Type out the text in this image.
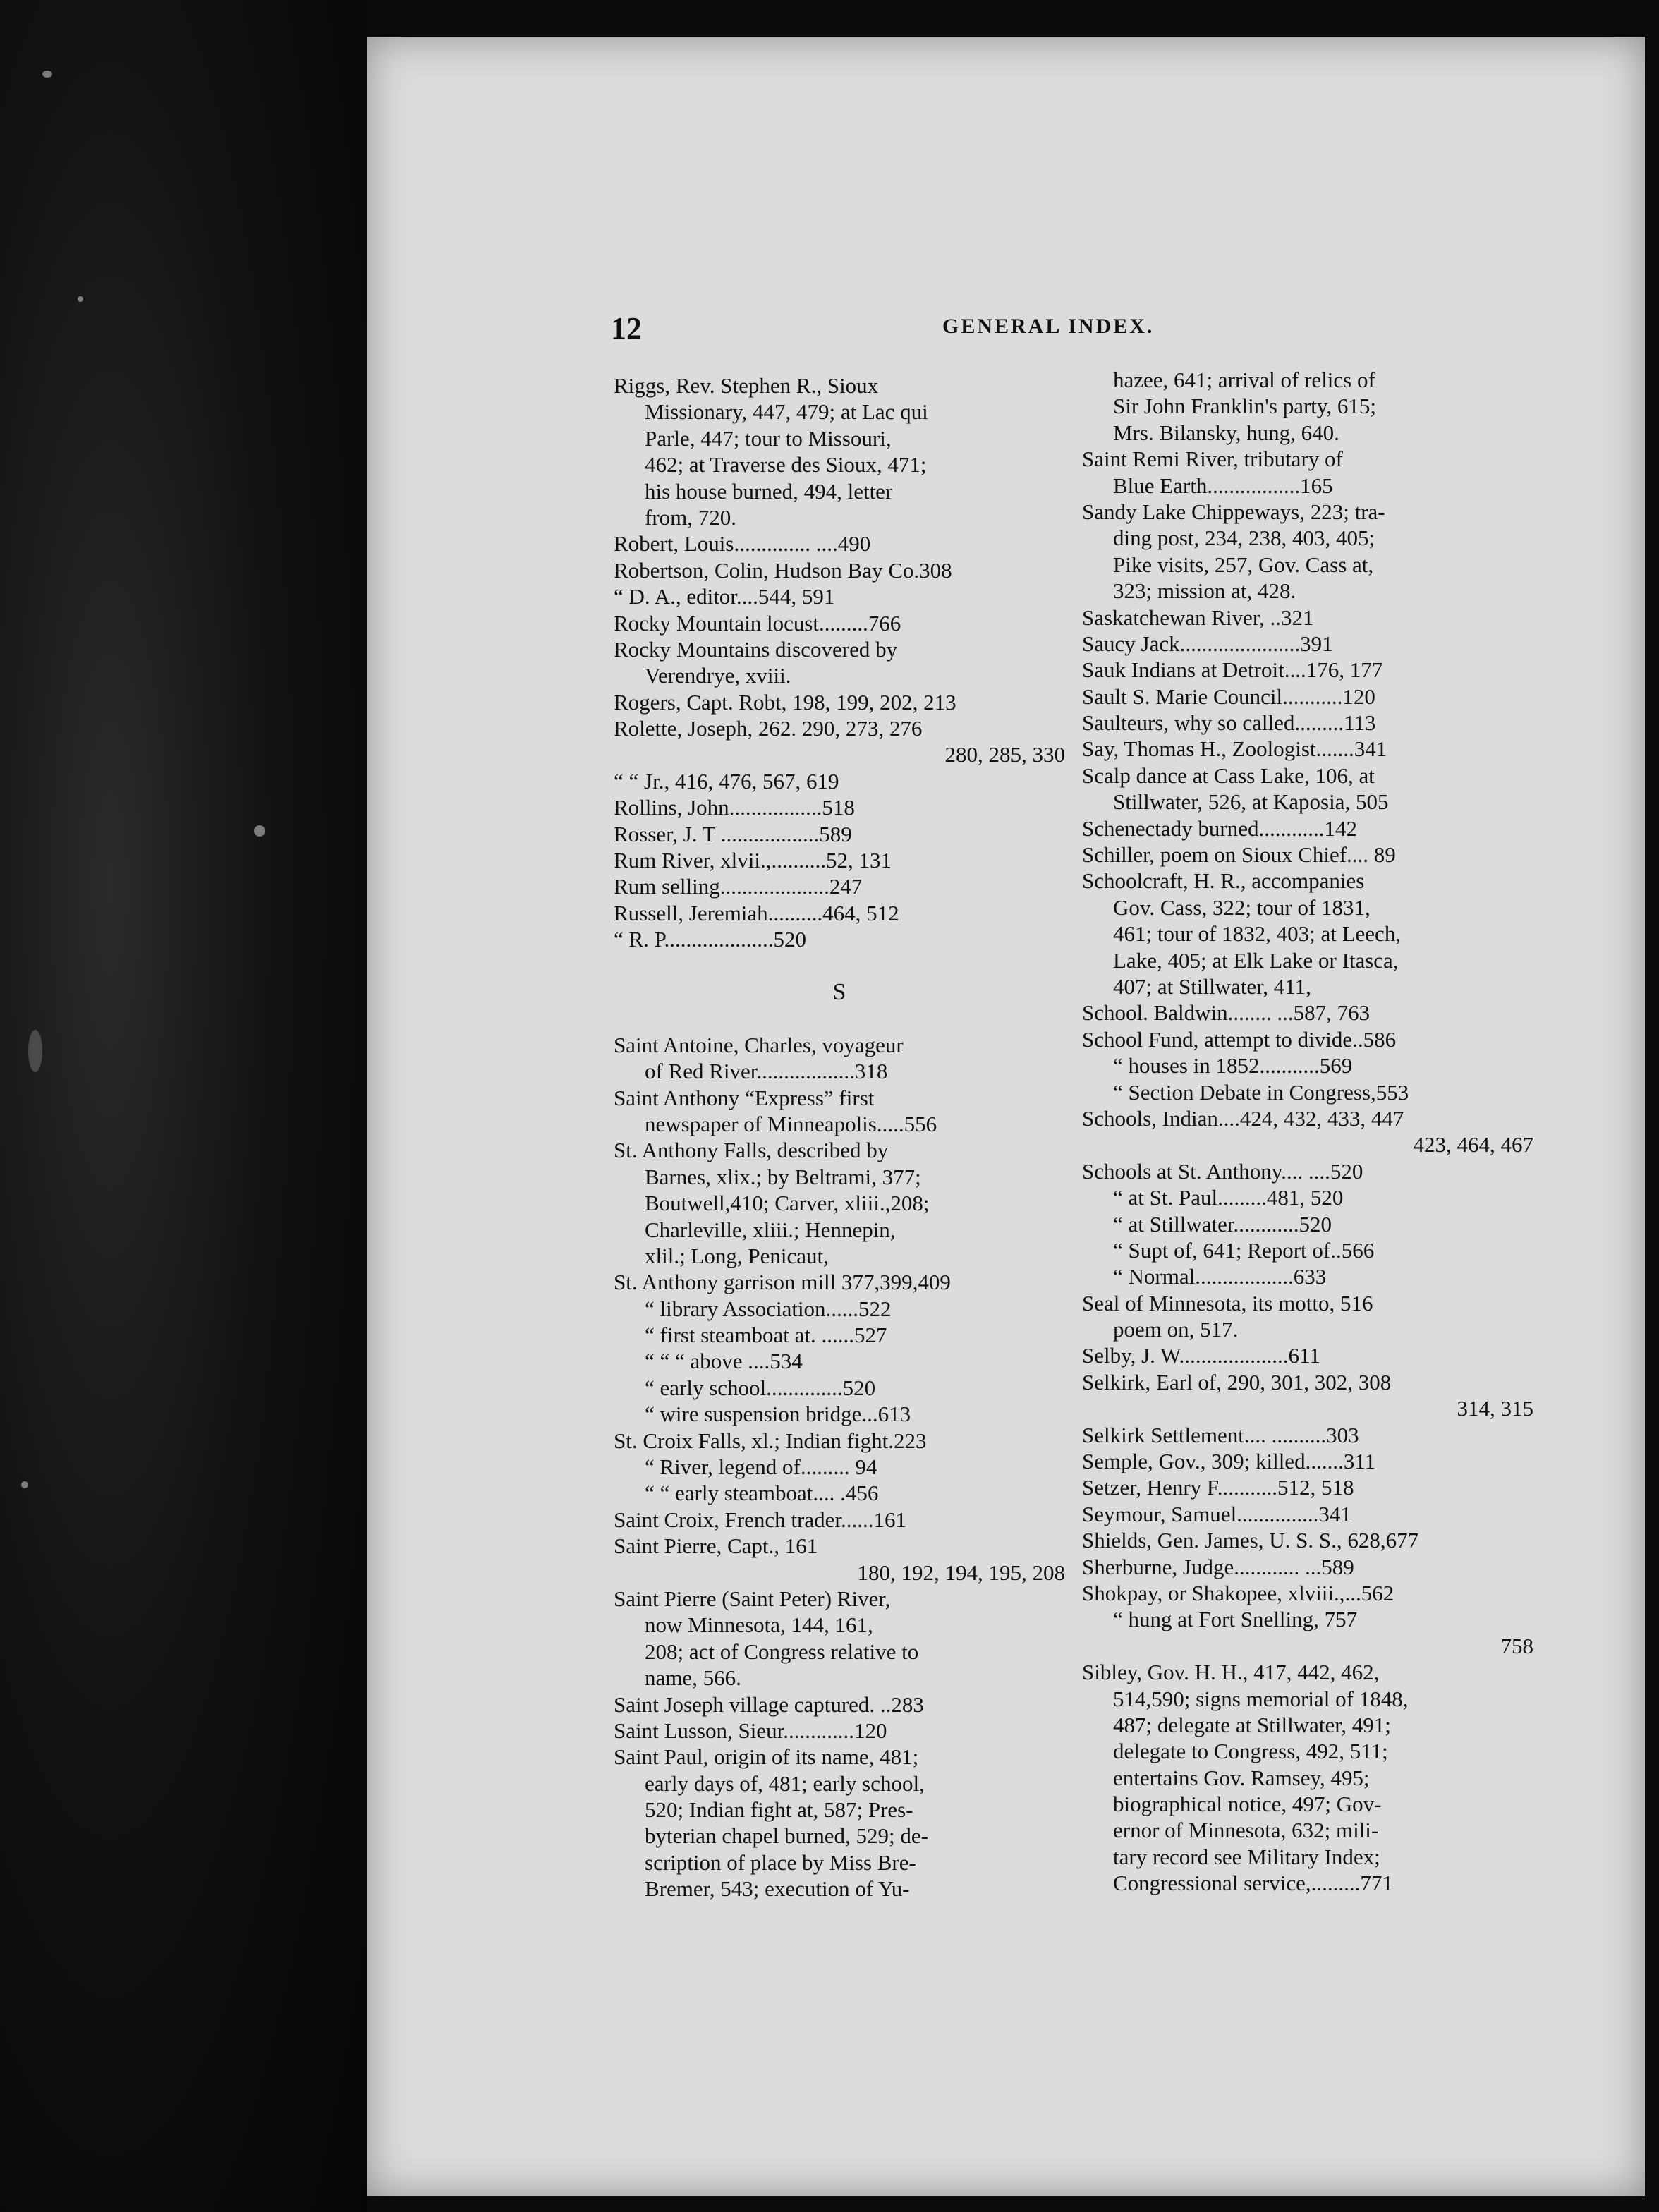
12	GENERAL INDEX.
Riggs, Rev. Stephen R., Sioux
Missionary, 447, 479; at Lac qui
Parle, 447; tour to Missouri,
462; at Traverse des Sioux, 471;
his house burned, 494, letter
from, 720.
Robert, Louis.............. ....490
Robertson, Colin, Hudson Bay Co.308
“ D. A., editor....544, 591
Rocky Mountain locust.........766
Rocky Mountains discovered by
Verendrye, xviii.
Rogers, Capt. Robt, 198, 199, 202, 213
Rolette, Joseph, 262. 290, 273, 276
280, 285, 330
“ “ Jr., 416, 476, 567, 619
Rollins, John.................518
Rosser, J. T ..................589
Rum River, xlvii.,..........52, 131
Rum selling....................247
Russell, Jeremiah..........464, 512
“ R. P....................520
S
Saint Antoine, Charles, voyageur
of Red River..................318
Saint Anthony “Express” first
newspaper of Minneapolis.....556
St. Anthony Falls, described by
Barnes, xlix.; by Beltrami, 377;
Boutwell,410; Carver, xliii.,208;
Charleville, xliii.; Hennepin,
xlil.; Long, Penicaut,
St. Anthony garrison mill 377,399,409
“ library Association......522
“ first steamboat at. ......527
“ “ “ above ....534
“ early school..............520
“ wire suspension bridge...613
St. Croix Falls, xl.; Indian fight.223
“ River, legend of......... 94
“ “ early steamboat.... .456
Saint Croix, French trader......161
Saint Pierre, Capt., 161
180, 192, 194, 195, 208
Saint Pierre (Saint Peter) River,
now Minnesota, 144, 161,
208; act of Congress relative to
name, 566.
Saint Joseph village captured. ..283
Saint Lusson, Sieur.............120
Saint Paul, origin of its name, 481;
early days of, 481; early school,
520; Indian fight at, 587; Pres-
byterian chapel burned, 529; de-
scription of place by Miss Bre-
Bremer, 543; execution of Yu-
hazee, 641; arrival of relics of
Sir John Franklin's party, 615;
Mrs. Bilansky, hung, 640.
Saint Remi River, tributary of
Blue Earth.................165
Sandy Lake Chippeways, 223; tra-
ding post, 234, 238, 403, 405;
Pike visits, 257, Gov. Cass at,
323; mission at, 428.
Saskatchewan River, ..321
Saucy Jack......................391
Sauk Indians at Detroit....176, 177
Sault S. Marie Council...........120
Saulteurs, why so called.........113
Say, Thomas H., Zoologist.......341
Scalp dance at Cass Lake, 106, at
Stillwater, 526, at Kaposia, 505
Schenectady burned............142
Schiller, poem on Sioux Chief.... 89
Schoolcraft, H. R., accompanies
Gov. Cass, 322; tour of 1831,
461; tour of 1832, 403; at Leech,
Lake, 405; at Elk Lake or Itasca,
407; at Stillwater, 411,
School. Baldwin........ ...587, 763
School Fund, attempt to divide..586
“ houses in 1852...........569
“ Section Debate in Congress,553
Schools, Indian....424, 432, 433, 447
423, 464, 467
Schools at St. Anthony.... ....520
“ at St. Paul.........481, 520
“ at Stillwater............520
“ Supt of, 641; Report of..566
“ Normal..................633
Seal of Minnesota, its motto, 516
poem on, 517.
Selby, J. W....................611
Selkirk, Earl of, 290, 301, 302, 308
314, 315
Selkirk Settlement.... ..........303
Semple, Gov., 309; killed.......311
Setzer, Henry F...........512, 518
Seymour, Samuel...............341
Shields, Gen. James, U. S. S., 628,677
Sherburne, Judge............ ...589
Shokpay, or Shakopee, xlviii.,...562
“ hung at Fort Snelling, 757
758
Sibley, Gov. H. H., 417, 442, 462,
514,590; signs memorial of 1848,
487; delegate at Stillwater, 491;
delegate to Congress, 492, 511;
entertains Gov. Ramsey, 495;
biographical notice, 497; Gov-
ernor of Minnesota, 632; mili-
tary record see Military Index;
Congressional service,.........771
